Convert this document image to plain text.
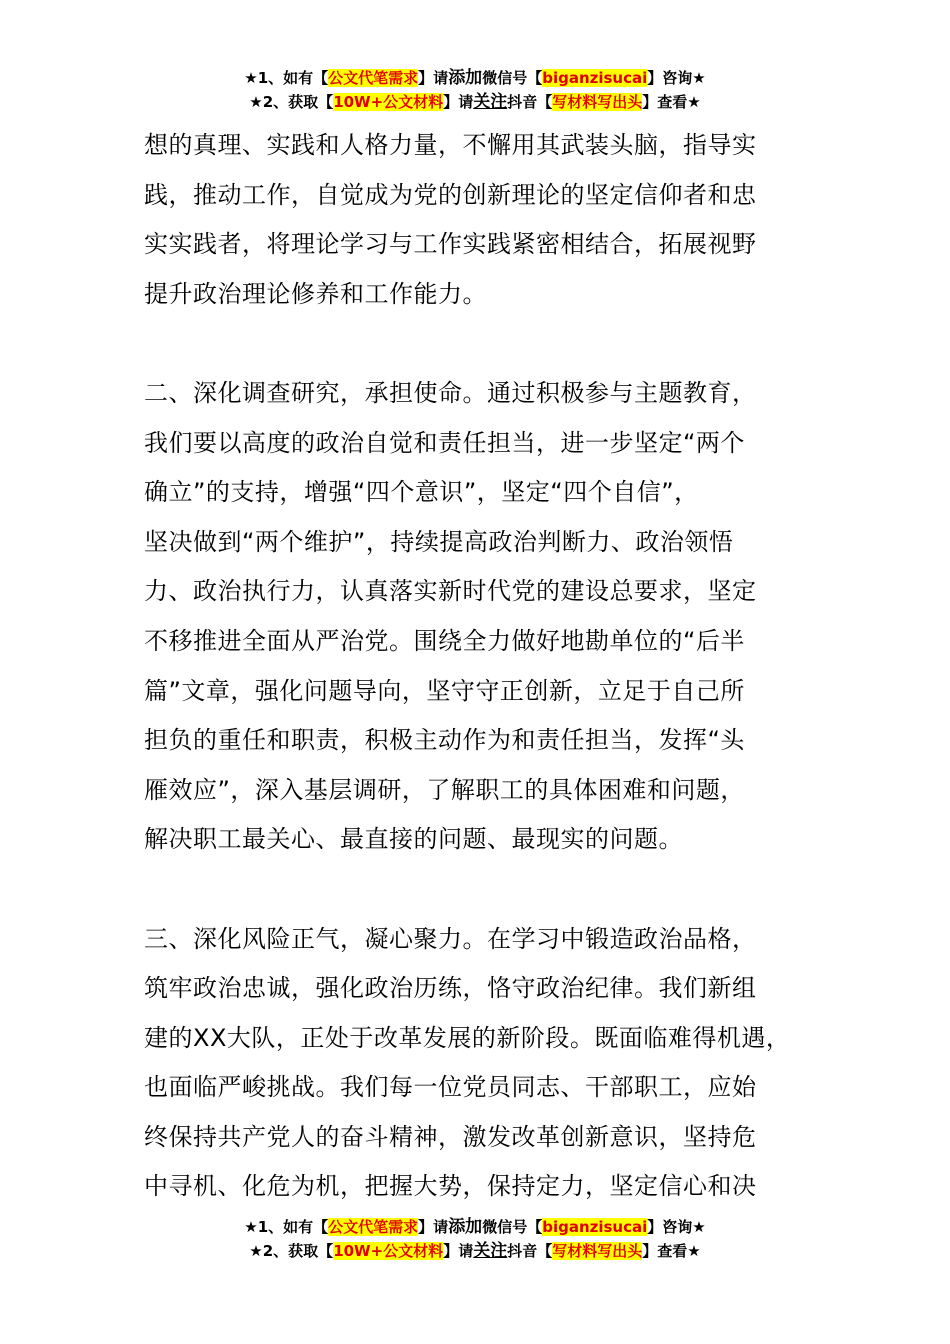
★1、如有【公文代笔需求】请添加微信号【biganzisucai】咨询★
★2、获取【10W+公文材料】请关注抖音【写材料写出头】查看★
想的真理、实践和人格力量，不懈用其武装头脑，指导实
践，推动工作，自觉成为党的创新理论的坚定信仰者和忠
实实践者，将理论学习与工作实践紧密相结合，拓展视野
提升政治理论修养和工作能力。
二、深化调查研究，承担使命。通过积极参与主题教育，
我们要以高度的政治自觉和责任担当，进一步坚定“两个
确立”的支持，增强“四个意识”，坚定“四个自信”，
坚决做到“两个维护”，持续提高政治判断力、政治领悟
力、政治执行力，认真落实新时代党的建设总要求，坚定
不移推进全面从严治党。围绕全力做好地勘单位的“后半
篇”文章，强化问题导向，坚守守正创新，立足于自己所
担负的重任和职责，积极主动作为和责任担当，发挥“头
雁效应”，深入基层调研，了解职工的具体困难和问题，
解决职工最关心、最直接的问题、最现实的问题。
三、深化风险正气，凝心聚力。在学习中锻造政治品格，
筑牢政治忠诚，强化政治历练，恪守政治纪律。我们新组
建的XX大队，正处于改革发展的新阶段。既面临难得机遇，
也面临严峻挑战。我们每一位党员同志、干部职工，应始
终保持共产党人的奋斗精神，激发改革创新意识，坚持危
中寻机、化危为机，把握大势，保持定力，坚定信心和决
★1、如有【公文代笔需求】请添加微信号【biganzisucai】咨询★
★2、获取【10W+公文材料】请关注抖音【写材料写出头】查看★
